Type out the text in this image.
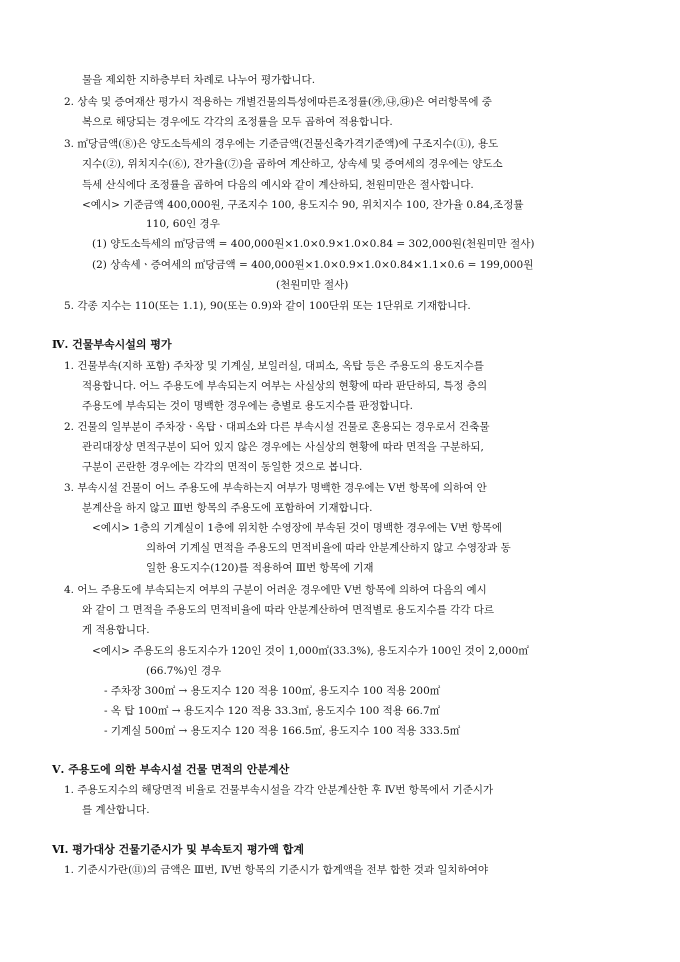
물을 제외한 지하층부터 차례로 나누어 평가합니다.
2. 상속 및 증여재산 평가시 적용하는 개별건물의특성에따른조정률(㉮,㉯,㉰)은 여러항목에 중
복으로 해당되는 경우에도 각각의 조정률을 모두 곱하여 적용합니다.
3. ㎡당금액(⑧)은 양도소득세의 경우에는 기준금액(건물신축가격기준액)에 구조지수(①), 용도
지수(②), 위치지수(⑥), 잔가율(⑦)을 곱하여 계산하고, 상속세 및 증여세의 경우에는 양도소
득세 산식에다 조정률을 곱하여 다음의 예시와 같이 계산하되, 천원미만은 절사합니다.
<예시> 기준금액 400,000원, 구조지수 100, 용도지수 90, 위치지수 100, 잔가율 0.84,조정률
110, 60인 경우
(1) 양도소득세의 ㎡당금액 = 400,000원×1.0×0.9×1.0×0.84 = 302,000원(천원미만 절사)
(2) 상속세ㆍ증여세의 ㎡당금액 = 400,000원×1.0×0.9×1.0×0.84×1.1×0.6 = 199,000원
(천원미만 절사)
5. 각종 지수는 110(또는 1.1), 90(또는 0.9)와 같이 100단위 또는 1단위로 기재합니다.
Ⅳ. 건물부속시설의 평가
1. 건물부속(지하 포함) 주차장 및 기계실, 보일러실, 대피소, 옥탑 등은 주용도의 용도지수를
적용합니다. 어느 주용도에 부속되는지 여부는 사실상의 현황에 따라 판단하되, 특정 층의
주용도에 부속되는 것이 명백한 경우에는 층별로 용도지수를 판정합니다.
2. 건물의 일부분이 주차장ㆍ옥탑ㆍ대피소와 다른 부속시설 건물로 혼용되는 경우로서 건축물
관리대장상 면적구분이 되어 있지 않은 경우에는 사실상의 현황에 따라 면적을 구분하되,
구분이 곤란한 경우에는 각각의 면적이 동일한 것으로 봅니다.
3. 부속시설 건물이 어느 주용도에 부속하는지 여부가 명백한 경우에는 Ⅴ번 항목에 의하여 안
분계산을 하지 않고 Ⅲ번 항목의 주용도에 포함하여 기재합니다.
<예시> 1층의 기계실이 1층에 위치한 수영장에 부속된 것이 명백한 경우에는 Ⅴ번 항목에
의하여 기계실 면적을 주용도의 면적비율에 따라 안분계산하지 않고 수영장과 동
일한 용도지수(120)를 적용하여 Ⅲ번 항목에 기재
4. 어느 주용도에 부속되는지 여부의 구분이 어려운 경우에만 Ⅴ번 항목에 의하여 다음의 예시
와 같이 그 면적을 주용도의 면적비율에 따라 안분계산하여 면적별로 용도지수를 각각 다르
게 적용합니다.
<예시> 주용도의 용도지수가 120인 것이 1,000㎡(33.3%), 용도지수가 100인 것이 2,000㎡
(66.7%)인 경우
- 주차장 300㎡ → 용도지수 120 적용 100㎡, 용도지수 100 적용 200㎡
- 옥 탑 100㎡ → 용도지수 120 적용 33.3㎡, 용도지수 100 적용 66.7㎡
- 기계실 500㎡ → 용도지수 120 적용 166.5㎡, 용도지수 100 적용 333.5㎡
Ⅴ. 주용도에 의한 부속시설 건물 면적의 안분계산
1. 주용도지수의 해당면적 비율로 건물부속시설을 각각 안분계산한 후 Ⅳ번 항목에서 기준시가
를 계산합니다.
Ⅵ. 평가대상 건물기준시가 및 부속토지 평가액 합계
1. 기준시가란(⑪)의 금액은 Ⅲ번, Ⅳ번 항목의 기준시가 합계액을 전부 합한 것과 일치하여야
